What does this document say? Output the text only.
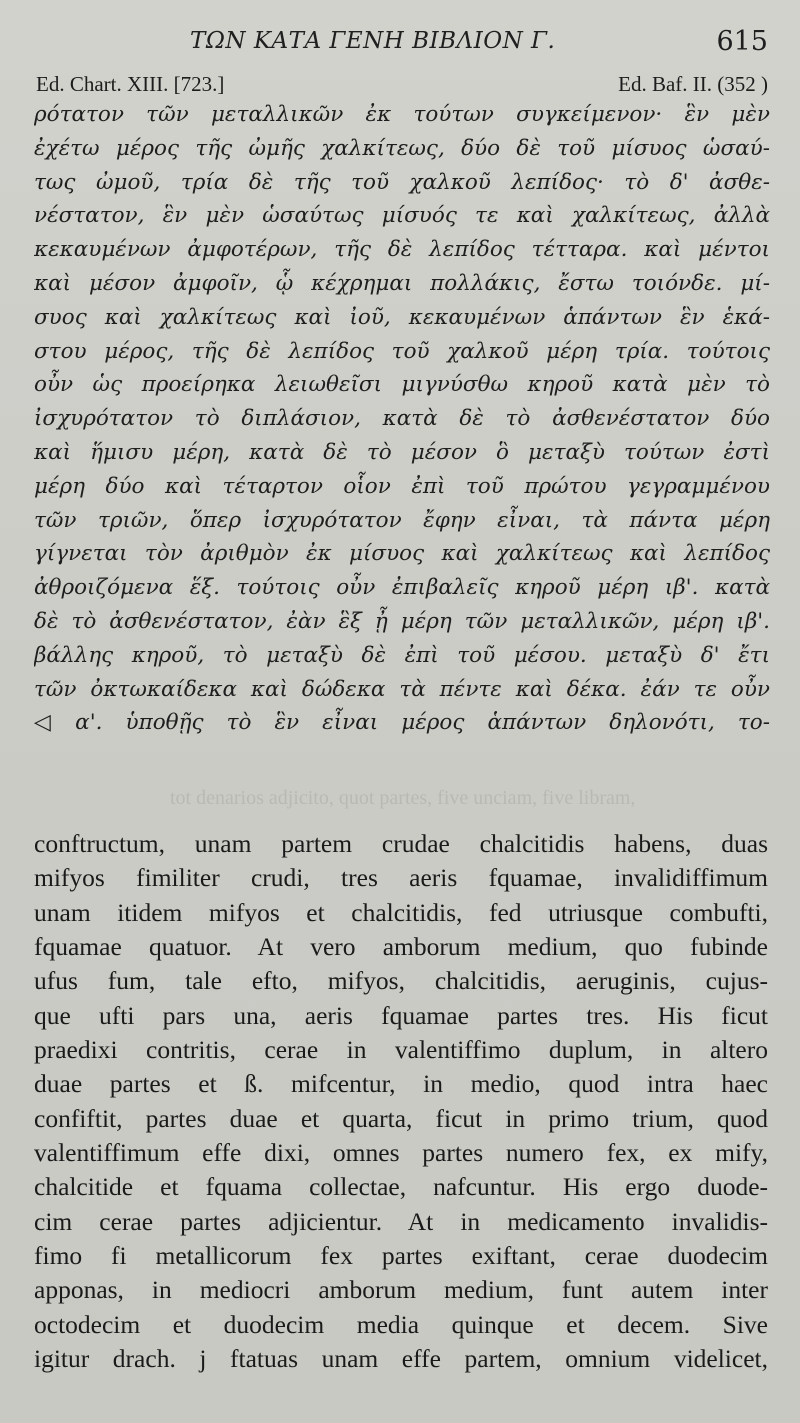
ΤΩΝ ΚΑΤΑ ΓΕΝΗ ΒΙΒΛΙΟΝ Γ.	615
Ed. Chart. XIII. [723.]	Ed. Baf. II. (352 )
ρότατον τῶν μεταλλικῶν ἐκ τούτων συγκείμενον· ἓν μὲν
ἐχέτω μέρος τῆς ὠμῆς χαλκίτεως, δύο δὲ τοῦ μίσυος ὡσαύ-
τως ὠμοῦ, τρία δὲ τῆς τοῦ χαλκοῦ λεπίδος· τὸ δ' ἀσθε-
νέστατον, ἓν μὲν ὡσαύτως μίσυός τε καὶ χαλκίτεως, ἀλλὰ
κεκαυμένων ἀμφοτέρων, τῆς δὲ λεπίδος τέτταρα. καὶ μέντοι
καὶ μέσον ἀμφοῖν, ᾧ κέχρημαι πολλάκις, ἔστω τοιόνδε. μί-
συος καὶ χαλκίτεως καὶ ἰοῦ, κεκαυμένων ἁπάντων ἓν ἑκά-
στου μέρος, τῆς δὲ λεπίδος τοῦ χαλκοῦ μέρη τρία. τούτοις
οὖν ὡς προείρηκα λειωθεῖσι μιγνύσθω κηροῦ κατὰ μὲν τὸ
ἰσχυρότατον τὸ διπλάσιον, κατὰ δὲ τὸ ἀσθενέστατον δύο
καὶ ἥμισυ μέρη, κατὰ δὲ τὸ μέσον ὃ μεταξὺ τούτων ἐστὶ
μέρη δύο καὶ τέταρτον οἷον ἐπὶ τοῦ πρώτου γεγραμμένου
τῶν τριῶν, ὅπερ ἰσχυρότατον ἔφην εἶναι, τὰ πάντα μέρη
γίγνεται τὸν ἀριθμὸν ἐκ μίσυος καὶ χαλκίτεως καὶ λεπίδος
ἀθροιζόμενα ἕξ. τούτοις οὖν ἐπιβαλεῖς κηροῦ μέρη ιβ'. κατὰ
δὲ τὸ ἀσθενέστατον, ἐὰν ἓξ ᾖ μέρη τῶν μεταλλικῶν, μέρη ιβ'.
βάλλης κηροῦ, τὸ μεταξὺ δὲ ἐπὶ τοῦ μέσου. μεταξὺ δ' ἔτι
τῶν ὀκτωκαίδεκα καὶ δώδεκα τὰ πέντε καὶ δέκα. ἐάν τε οὖν
◁ α'. ὑποθῇς τὸ ἓν εἶναι μέρος ἁπάντων δηλονότι, το-
tot denarios adjicito, quot partes, five unciam, five libram,
conftructum, unam partem crudae chalcitidis habens, duas
mifyos fimiliter crudi, tres aeris fquamae, invalidiffimum
unam itidem mifyos et chalcitidis, fed utriusque combufti,
fquamae quatuor. At vero amborum medium, quo fubinde
ufus fum, tale efto, mifyos, chalcitidis, aeruginis, cujus-
que ufti pars una, aeris fquamae partes tres. His ficut
praedixi contritis, cerae in valentiffimo duplum, in altero
duae partes et ß. mifcentur, in medio, quod intra haec
confiftit, partes duae et quarta, ficut in primo trium, quod
valentiffimum effe dixi, omnes partes numero fex, ex mify,
chalcitide et fquama collectae, nafcuntur. His ergo duode-
cim cerae partes adjicientur. At in medicamento invalidis-
fimo fi metallicorum fex partes exiftant, cerae duodecim
apponas, in mediocri amborum medium, funt autem inter
octodecim et duodecim media quinque et decem. Sive
igitur drach. j ftatuas unam effe partem, omnium videlicet,
